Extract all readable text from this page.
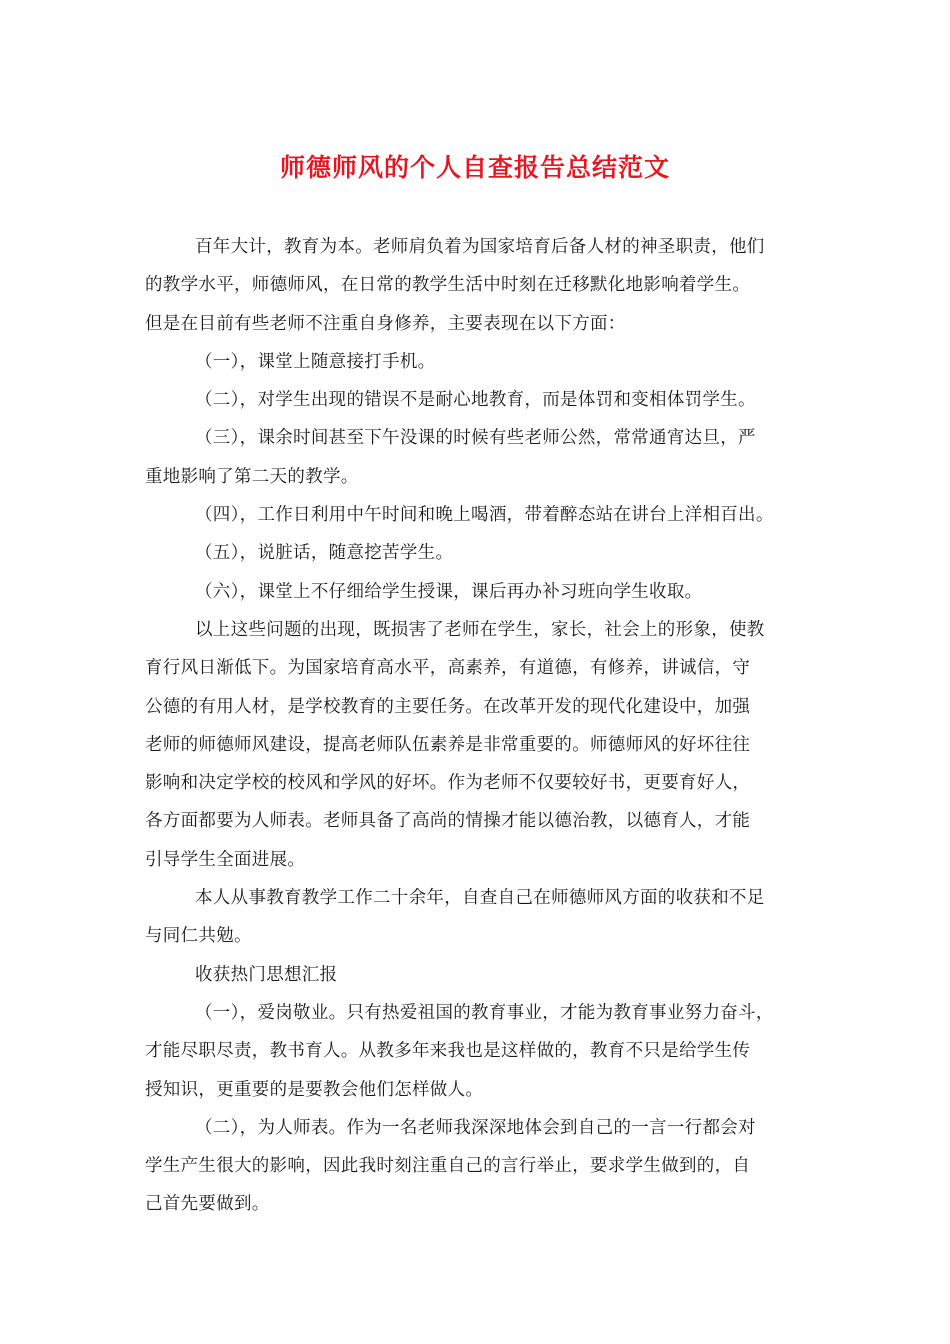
师德师风的个人自查报告总结范文
百年大计，教育为本。老师肩负着为国家培育后备人材的神圣职责，他们
的教学水平，师德师风，在日常的教学生活中时刻在迁移默化地影响着学生。
但是在目前有些老师不注重自身修养，主要表现在以下方面：
（一），课堂上随意接打手机。
（二），对学生出现的错误不是耐心地教育，而是体罚和变相体罚学生。
（三），课余时间甚至下午没课的时候有些老师公然，常常通宵达旦，严
重地影响了第二天的教学。
（四），工作日利用中午时间和晚上喝酒，带着醉态站在讲台上洋相百出。
（五），说脏话，随意挖苦学生。
（六），课堂上不仔细给学生授课，课后再办补习班向学生收取。
以上这些问题的出现，既损害了老师在学生，家长，社会上的形象，使教
育行风日渐低下。为国家培育高水平，高素养，有道德，有修养，讲诚信，守
公德的有用人材，是学校教育的主要任务。在改革开发的现代化建设中，加强
老师的师德师风建设，提高老师队伍素养是非常重要的。师德师风的好坏往往
影响和决定学校的校风和学风的好坏。作为老师不仅要较好书，更要育好人，
各方面都要为人师表。老师具备了高尚的情操才能以德治教，以德育人，才能
引导学生全面进展。
本人从事教育教学工作二十余年，自查自己在师德师风方面的收获和不足
与同仁共勉。
收获热门思想汇报
（一），爱岗敬业。只有热爱祖国的教育事业，才能为教育事业努力奋斗，
才能尽职尽责，教书育人。从教多年来我也是这样做的，教育不只是给学生传
授知识，更重要的是要教会他们怎样做人。
（二），为人师表。作为一名老师我深深地体会到自己的一言一行都会对
学生产生很大的影响，因此我时刻注重自己的言行举止，要求学生做到的，自
己首先要做到。
